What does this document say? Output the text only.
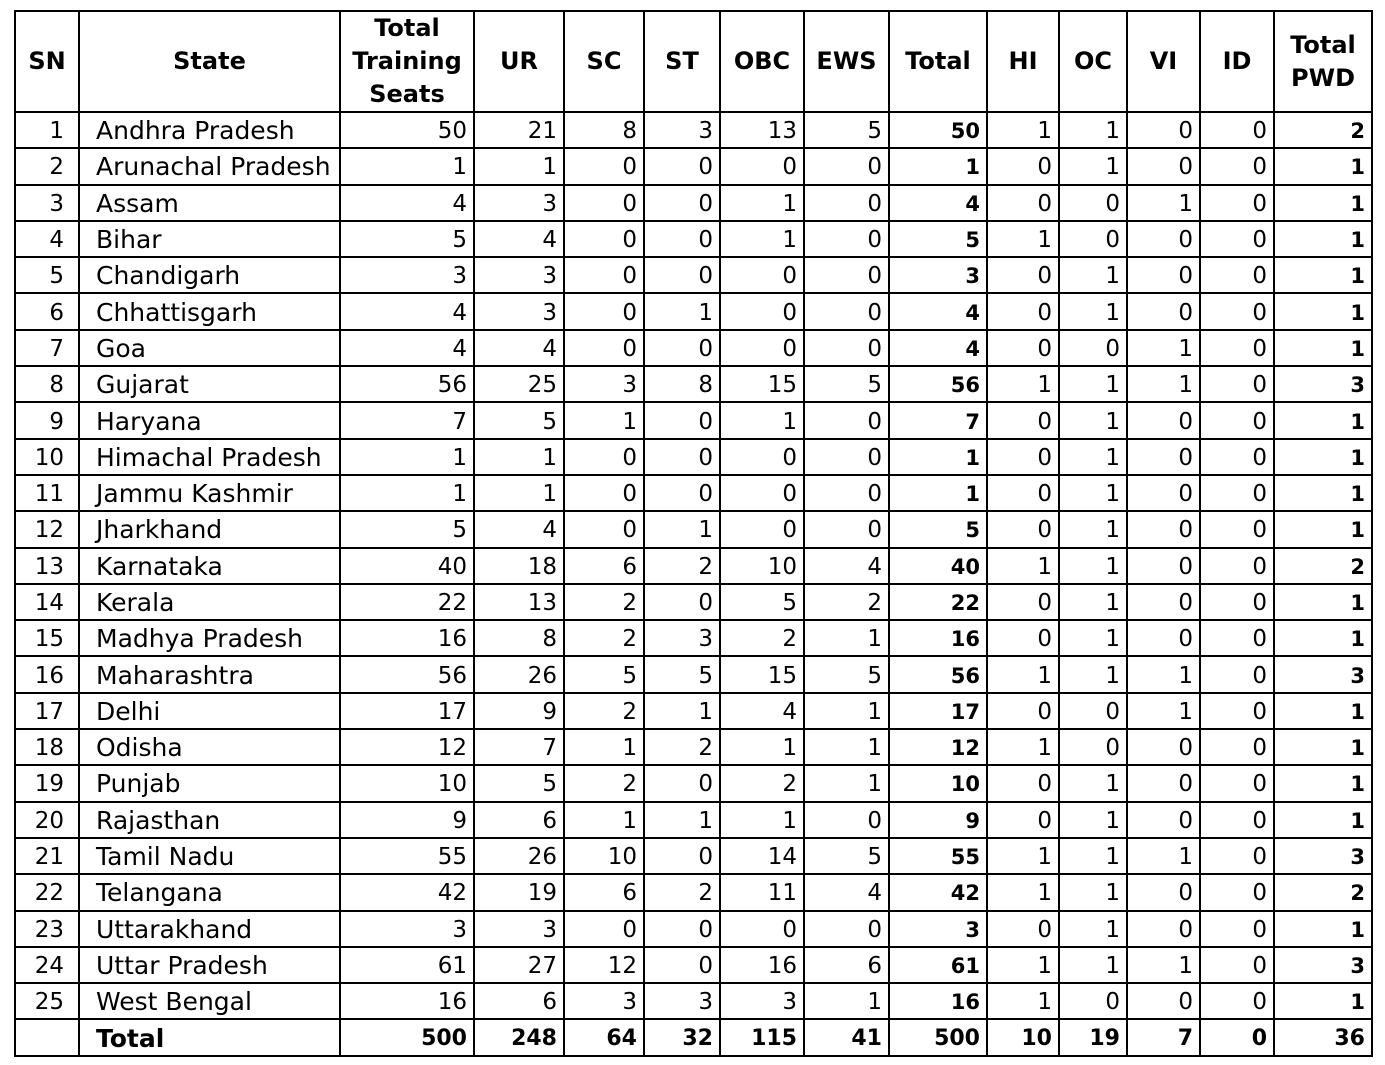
SN	State	Total Training Seats	UR	SC	ST	OBC	EWS	Total	HI	OC	VI	ID	Total PWD
1	Andhra Pradesh	50	21	8	3	13	5	50	1	1	0	0	2
2	Arunachal Pradesh	1	1	0	0	0	0	1	0	1	0	0	1
3	Assam	4	3	0	0	1	0	4	0	0	1	0	1
4	Bihar	5	4	0	0	1	0	5	1	0	0	0	1
5	Chandigarh	3	3	0	0	0	0	3	0	1	0	0	1
6	Chhattisgarh	4	3	0	1	0	0	4	0	1	0	0	1
7	Goa	4	4	0	0	0	0	4	0	0	1	0	1
8	Gujarat	56	25	3	8	15	5	56	1	1	1	0	3
9	Haryana	7	5	1	0	1	0	7	0	1	0	0	1
10	Himachal Pradesh	1	1	0	0	0	0	1	0	1	0	0	1
11	Jammu Kashmir	1	1	0	0	0	0	1	0	1	0	0	1
12	Jharkhand	5	4	0	1	0	0	5	0	1	0	0	1
13	Karnataka	40	18	6	2	10	4	40	1	1	0	0	2
14	Kerala	22	13	2	0	5	2	22	0	1	0	0	1
15	Madhya Pradesh	16	8	2	3	2	1	16	0	1	0	0	1
16	Maharashtra	56	26	5	5	15	5	56	1	1	1	0	3
17	Delhi	17	9	2	1	4	1	17	0	0	1	0	1
18	Odisha	12	7	1	2	1	1	12	1	0	0	0	1
19	Punjab	10	5	2	0	2	1	10	0	1	0	0	1
20	Rajasthan	9	6	1	1	1	0	9	0	1	0	0	1
21	Tamil Nadu	55	26	10	0	14	5	55	1	1	1	0	3
22	Telangana	42	19	6	2	11	4	42	1	1	0	0	2
23	Uttarakhand	3	3	0	0	0	0	3	0	1	0	0	1
24	Uttar Pradesh	61	27	12	0	16	6	61	1	1	1	0	3
25	West Bengal	16	6	3	3	3	1	16	1	0	0	0	1
	Total	500	248	64	32	115	41	500	10	19	7	0	36
